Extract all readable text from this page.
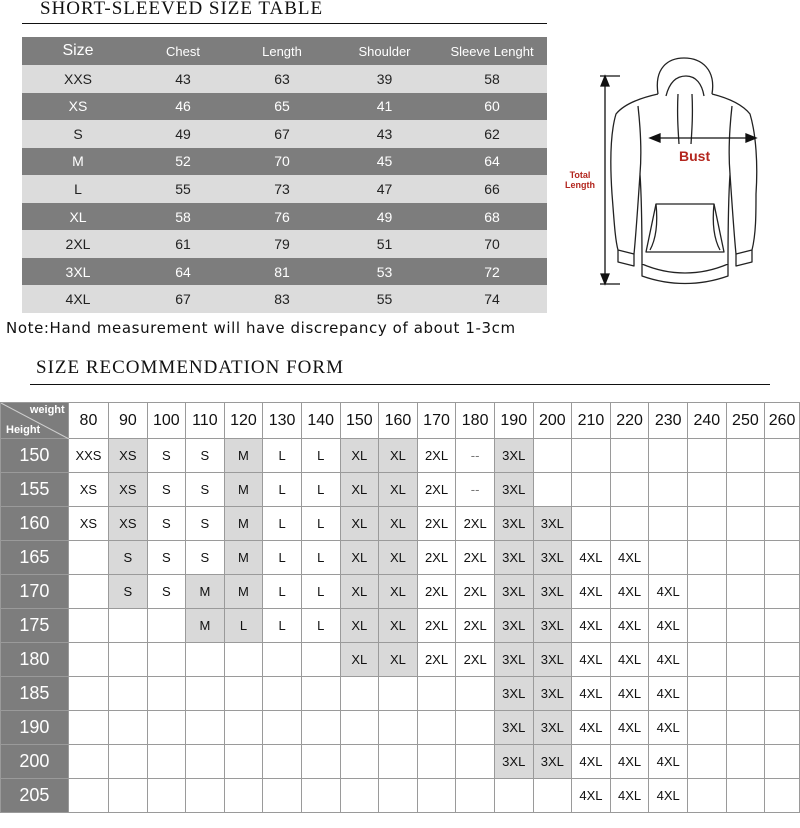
SHORT-SLEEVED SIZE TABLE
Size	Chest	Length	Shoulder	Sleeve Lenght
XXS	43	63	39	58
XS	46	65	41	60
S	49	67	43	62
M	52	70	45	64
L	55	73	47	66
XL	58	76	49	68
2XL	61	79	51	70
3XL	64	81	53	72
4XL	67	83	55	74
Note:Hand measurement will have discrepancy of about 1-3cm
Bust
Total
Length
SIZE RECOMMENDATION FORM
weight
Height	80	90	100	110	120	130	140	150	160	170	180	190	200	210	220	230	240	250	260
150	XXS	XS	S	S	M	L	L	XL	XL	2XL	--	3XL							
155	XS	XS	S	S	M	L	L	XL	XL	2XL	--	3XL							
160	XS	XS	S	S	M	L	L	XL	XL	2XL	2XL	3XL	3XL						
165		S	S	S	M	L	L	XL	XL	2XL	2XL	3XL	3XL	4XL	4XL				
170		S	S	M	M	L	L	XL	XL	2XL	2XL	3XL	3XL	4XL	4XL	4XL			
175				M	L	L	L	XL	XL	2XL	2XL	3XL	3XL	4XL	4XL	4XL			
180								XL	XL	2XL	2XL	3XL	3XL	4XL	4XL	4XL			
185												3XL	3XL	4XL	4XL	4XL			
190												3XL	3XL	4XL	4XL	4XL			
200												3XL	3XL	4XL	4XL	4XL			
205														4XL	4XL	4XL			
